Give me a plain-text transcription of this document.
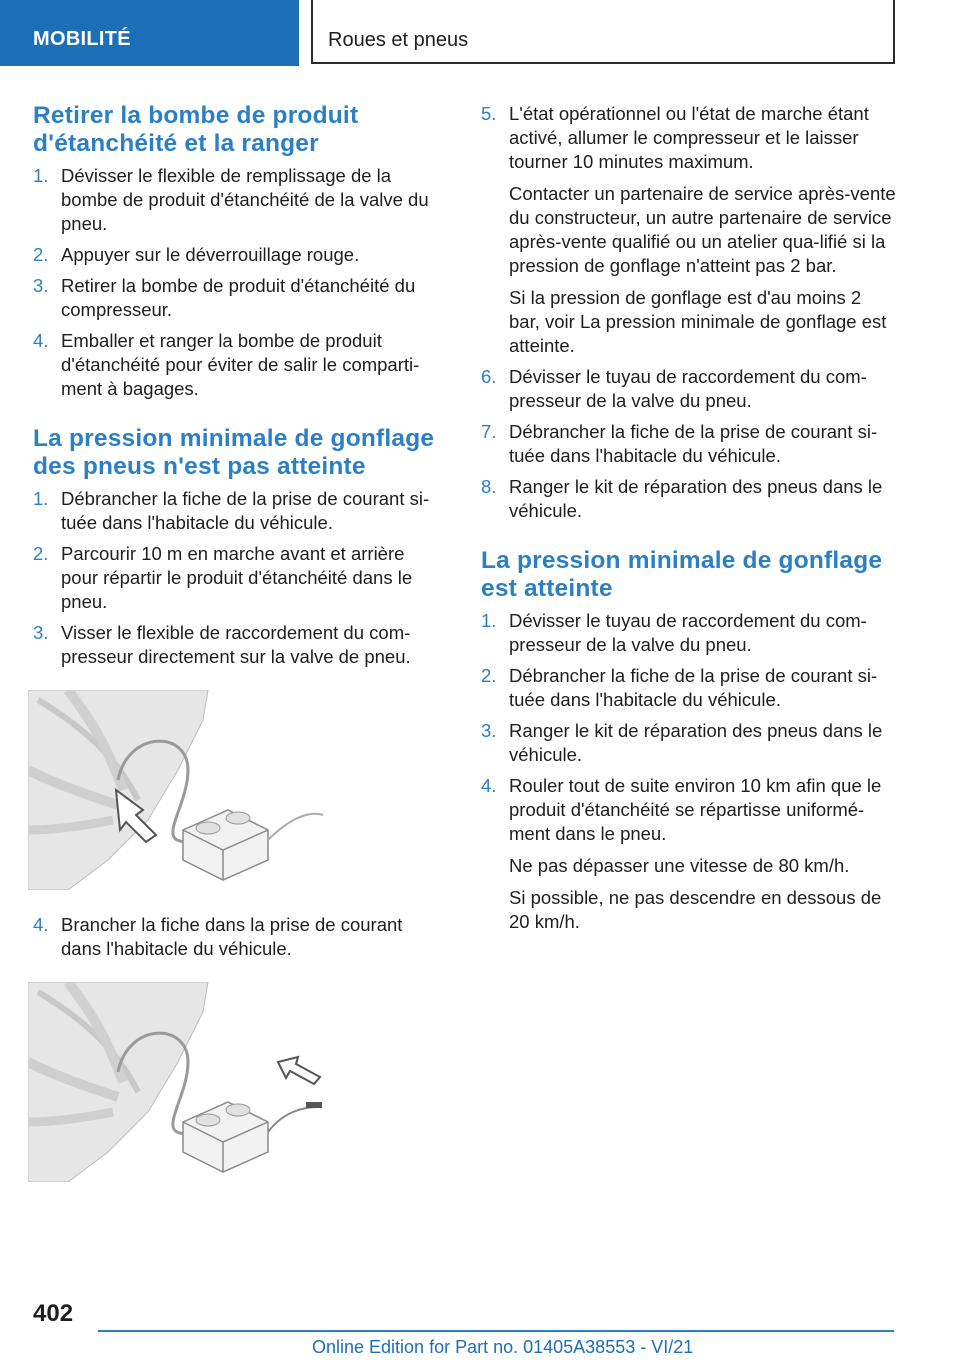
MOBILITÉ	Roues et pneus
Retirer la bombe de produit d'étanchéité et la ranger
1. Dévisser le flexible de remplissage de la bombe de produit d'étanchéité de la valve du pneu.
2. Appuyer sur le déverrouillage rouge.
3. Retirer la bombe de produit d'étanchéité du compresseur.
4. Emballer et ranger la bombe de produit d'étanchéité pour éviter de salir le comparti‐ment à bagages.
La pression minimale de gonflage des pneus n'est pas atteinte
1. Débrancher la fiche de la prise de courant si‐tuée dans l'habitacle du véhicule.
2. Parcourir 10 m en marche avant et arrière pour répartir le produit d'étanchéité dans le pneu.
3. Visser le flexible de raccordement du com‐presseur directement sur la valve de pneu.
4. Brancher la fiche dans la prise de courant dans l'habitacle du véhicule.
5. L'état opérationnel ou l'état de marche étant activé, allumer le compresseur et le laisser tourner 10 minutes maximum.

Contacter un partenaire de service après-vente du constructeur, un autre partenaire de service après-vente qualifié ou un atelier qua‐lifié si la pression de gonflage n'atteint pas 2 bar.

Si la pression de gonflage est d'au moins 2 bar, voir La pression minimale de gonflage est atteinte.

6. Dévisser le tuyau de raccordement du com‐presseur de la valve du pneu.
7. Débrancher la fiche de la prise de courant si‐tuée dans l'habitacle du véhicule.
8. Ranger le kit de réparation des pneus dans le véhicule.
La pression minimale de gonflage est atteinte
1. Dévisser le tuyau de raccordement du com‐presseur de la valve du pneu.
2. Débrancher la fiche de la prise de courant si‐tuée dans l'habitacle du véhicule.
3. Ranger le kit de réparation des pneus dans le véhicule.
4. Rouler tout de suite environ 10 km afin que le produit d'étanchéité se répartisse uniformé‐ment dans le pneu.

Ne pas dépasser une vitesse de 80 km/h.

Si possible, ne pas descendre en dessous de 20 km/h.

402
Online Edition for Part no. 01405A38553 - VI/21
